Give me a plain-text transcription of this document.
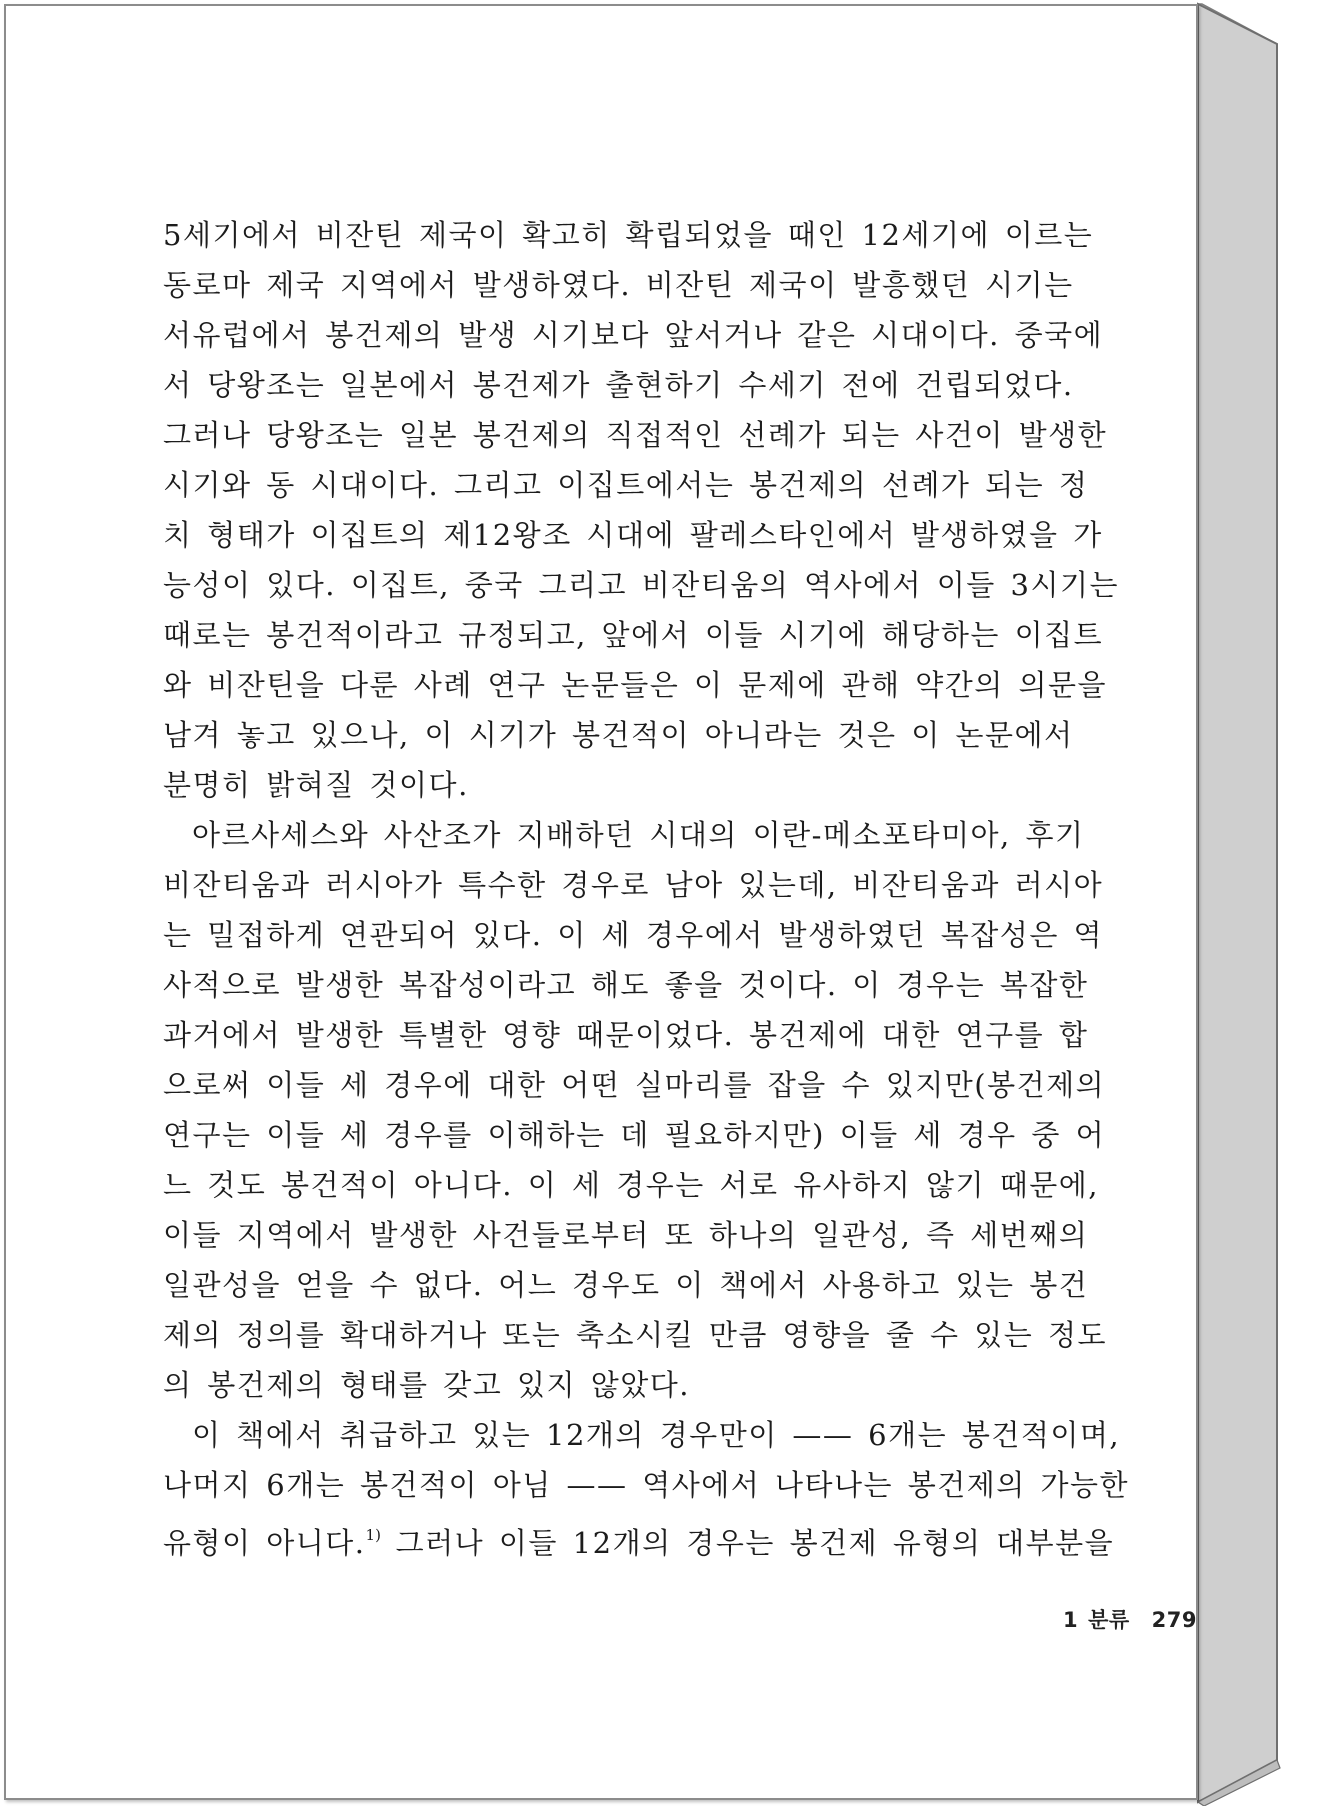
5세기에서 비잔틴 제국이 확고히 확립되었을 때인 12세기에 이르는
동로마 제국 지역에서 발생하였다. 비잔틴 제국이 발흥했던 시기는
서유럽에서 봉건제의 발생 시기보다 앞서거나 같은 시대이다. 중국에
서 당왕조는 일본에서 봉건제가 출현하기 수세기 전에 건립되었다.
그러나 당왕조는 일본 봉건제의 직접적인 선례가 되는 사건이 발생한
시기와 동 시대이다. 그리고 이집트에서는 봉건제의 선례가 되는 정
치 형태가 이집트의 제12왕조 시대에 팔레스타인에서 발생하였을 가
능성이 있다. 이집트, 중국 그리고 비잔티움의 역사에서 이들 3시기는
때로는 봉건적이라고 규정되고, 앞에서 이들 시기에 해당하는 이집트
와 비잔틴을 다룬 사례 연구 논문들은 이 문제에 관해 약간의 의문을
남겨 놓고 있으나, 이 시기가 봉건적이 아니라는 것은 이 논문에서
분명히 밝혀질 것이다.

아르사세스와 사산조가 지배하던 시대의 이란-메소포타미아, 후기
비잔티움과 러시아가 특수한 경우로 남아 있는데, 비잔티움과 러시아
는 밀접하게 연관되어 있다. 이 세 경우에서 발생하였던 복잡성은 역
사적으로 발생한 복잡성이라고 해도 좋을 것이다. 이 경우는 복잡한
과거에서 발생한 특별한 영향 때문이었다. 봉건제에 대한 연구를 합
으로써 이들 세 경우에 대한 어떤 실마리를 잡을 수 있지만(봉건제의
연구는 이들 세 경우를 이해하는 데 필요하지만) 이들 세 경우 중 어
느 것도 봉건적이 아니다. 이 세 경우는 서로 유사하지 않기 때문에,
이들 지역에서 발생한 사건들로부터 또 하나의 일관성, 즉 세번째의
일관성을 얻을 수 없다. 어느 경우도 이 책에서 사용하고 있는 봉건
제의 정의를 확대하거나 또는 축소시킬 만큼 영향을 줄 수 있는 정도
의 봉건제의 형태를 갖고 있지 않았다.

이 책에서 취급하고 있는 12개의 경우만이 —— 6개는 봉건적이며,
나머지 6개는 봉건적이 아님 —— 역사에서 나타나는 봉건제의 가능한
유형이 아니다.$^{1)}$ 그러나 이들 12개의 경우는 봉건제 유형의 대부분을

1 분류 279
